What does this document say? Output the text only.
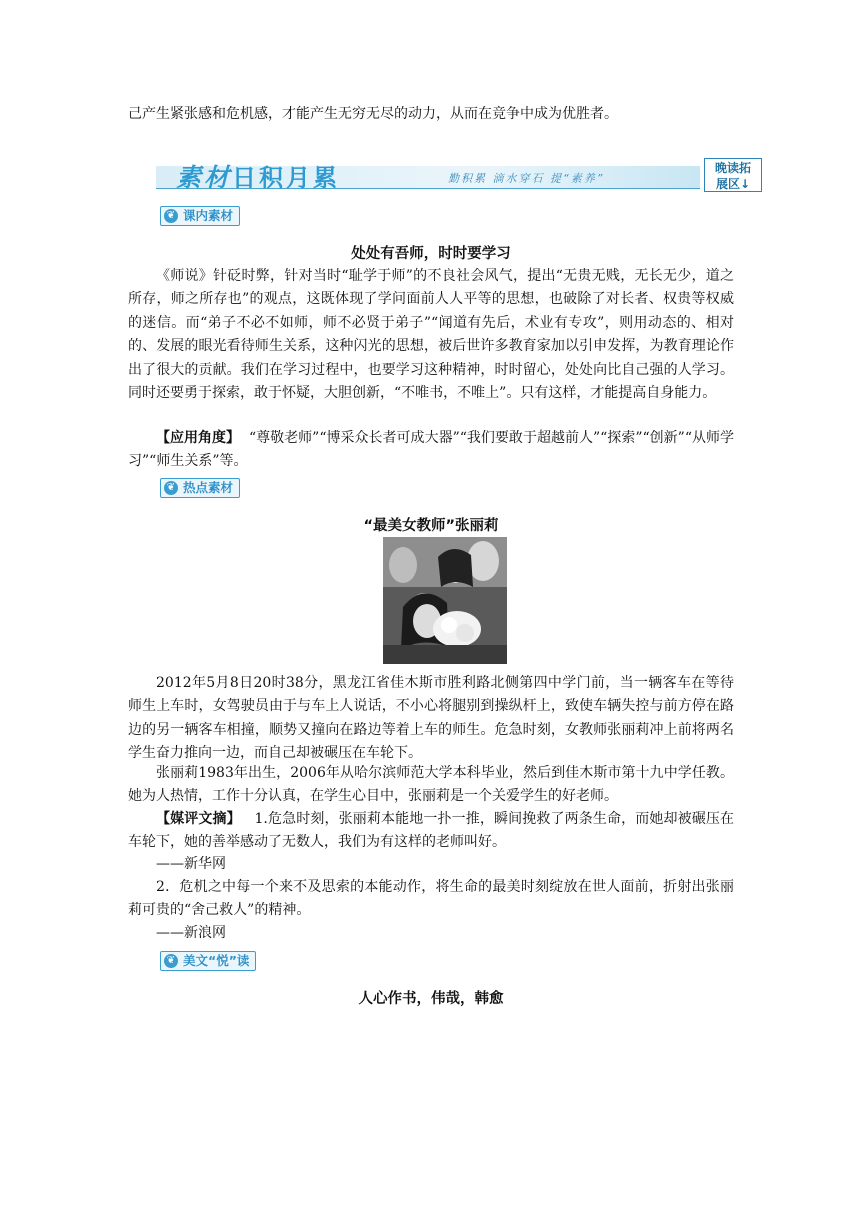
己产生紧张感和危机感，才能产生无穷无尽的动力，从而在竞争中成为优胜者。

素材日积月累	勤积累 滴水穿石 提“素养”
晚读拓
展区↓
❦ 课内素材
处处有吾师，时时要学习

《师说》针砭时弊，针对当时“耻学于师”的不良社会风气，提出“无贵无贱，无长无少，道之所存，师之所存也”的观点，这既体现了学问面前人人平等的思想，也破除了对长者、权贵等权威的迷信。而“弟子不必不如师，师不必贤于弟子”“闻道有先后，术业有专攻”，则用动态的、相对的、发展的眼光看待师生关系，这种闪光的思想，被后世许多教育家加以引申发挥，为教育理论作出了很大的贡献。我们在学习过程中，也要学习这种精神，时时留心，处处向比自己强的人学习。同时还要勇于探索，敢于怀疑，大胆创新，“不唯书，不唯上”。只有这样，才能提高自身能力。

【应用角度】 “尊敬老师”“博采众长者可成大器”“我们要敢于超越前人”“探索”“创新”“从师学习”“师生关系”等。

❦ 热点素材
“最美女教师”张丽莉

2012年5月8日20时38分，黑龙江省佳木斯市胜利路北侧第四中学门前，当一辆客车在等待师生上车时，女驾驶员由于与车上人说话，不小心将腿别到操纵杆上，致使车辆失控与前方停在路边的另一辆客车相撞，顺势又撞向在路边等着上车的师生。危急时刻，女教师张丽莉冲上前将两名学生奋力推向一边，而自己却被碾压在车轮下。

张丽莉1983年出生，2006年从哈尔滨师范大学本科毕业，然后到佳木斯市第十九中学任教。她为人热情，工作十分认真，在学生心目中，张丽莉是一个关爱学生的好老师。

【媒评文摘】 1.危急时刻，张丽莉本能地一扑一推，瞬间挽救了两条生命，而她却被碾压在车轮下，她的善举感动了无数人，我们为有这样的老师叫好。

——新华网

2．危机之中每一个来不及思索的本能动作，将生命的最美时刻绽放在世人面前，折射出张丽莉可贵的“舍己救人”的精神。

——新浪网

❦ 美文“悦”读
人心作书，伟哉，韩愈
